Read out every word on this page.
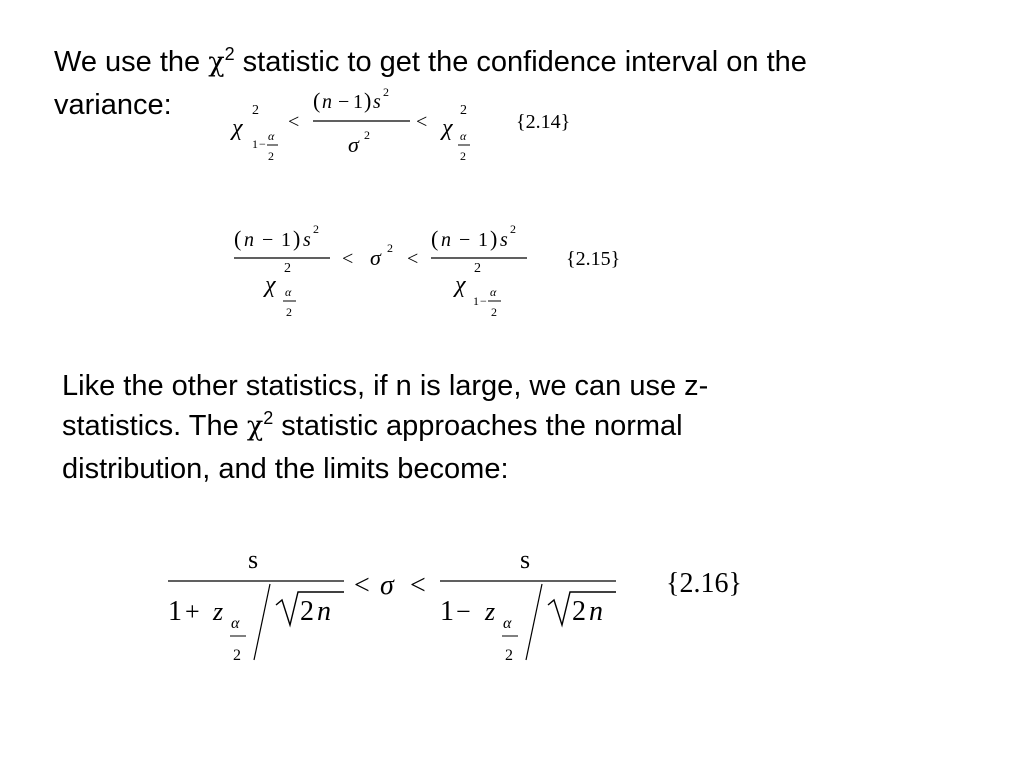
We use the $\chi^2$ statistic to get the confidence interval on the
variance:
χ
2
1 −
α
2
<
( n − 1 ) s 2
σ 2
< χ
2
α
2
{2.14}
( n − 1 ) s 2
χ
2
α
2
< σ 2 <
( n − 1 ) s 2
χ
2
1 −
α
2
{2.15}
Like the other statistics, if n is large, we can use z-
statistics. The $\chi^2$ statistic approaches the normal
distribution, and the limits become:
s
1 + z α
2
2 n
< σ <
s
1 − z α
2
2 n
{2.16}
